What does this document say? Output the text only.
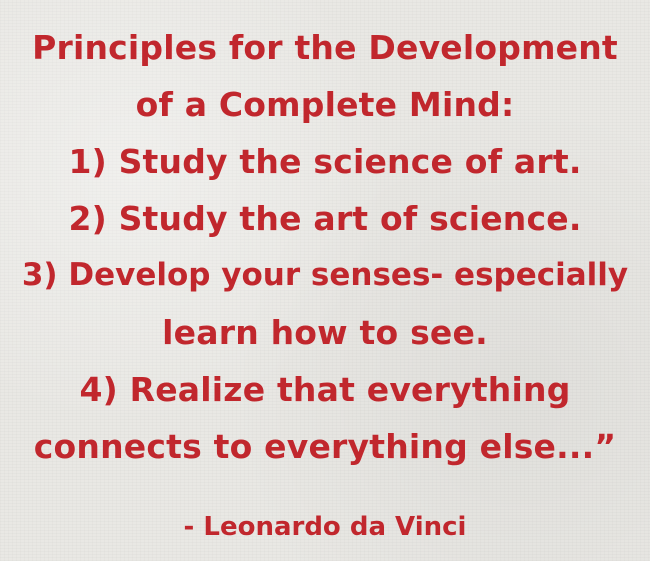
Principles for the Development
of a Complete Mind:
1) Study the science of art.
2) Study the art of science.
3) Develop your senses- especially
learn how to see.
4) Realize that everything
connects to everything else...”
- Leonardo da Vinci
